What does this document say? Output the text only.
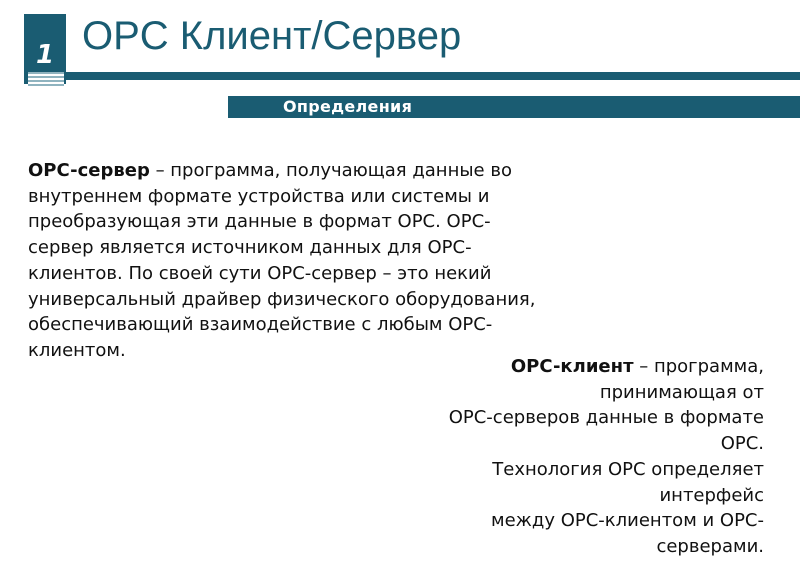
1 OPC Клиент/Сервер
Определения
OPC-сервер – программа, получающая данные во
внутреннем формате устройства или системы и
преобразующая эти данные в формат OPC. OPC-
сервер является источником данных для OPC-
клиентов. По своей сути OPC-сервер – это некий
универсальный драйвер физического оборудования,
обеспечивающий взаимодействие с любым OPC-
клиентом.
OPC-клиент – программа,
принимающая от
OPC-серверов данные в формате
OPC.
Технология OPC определяет
интерфейс
между OPC-клиентом и OPC-
серверами.
